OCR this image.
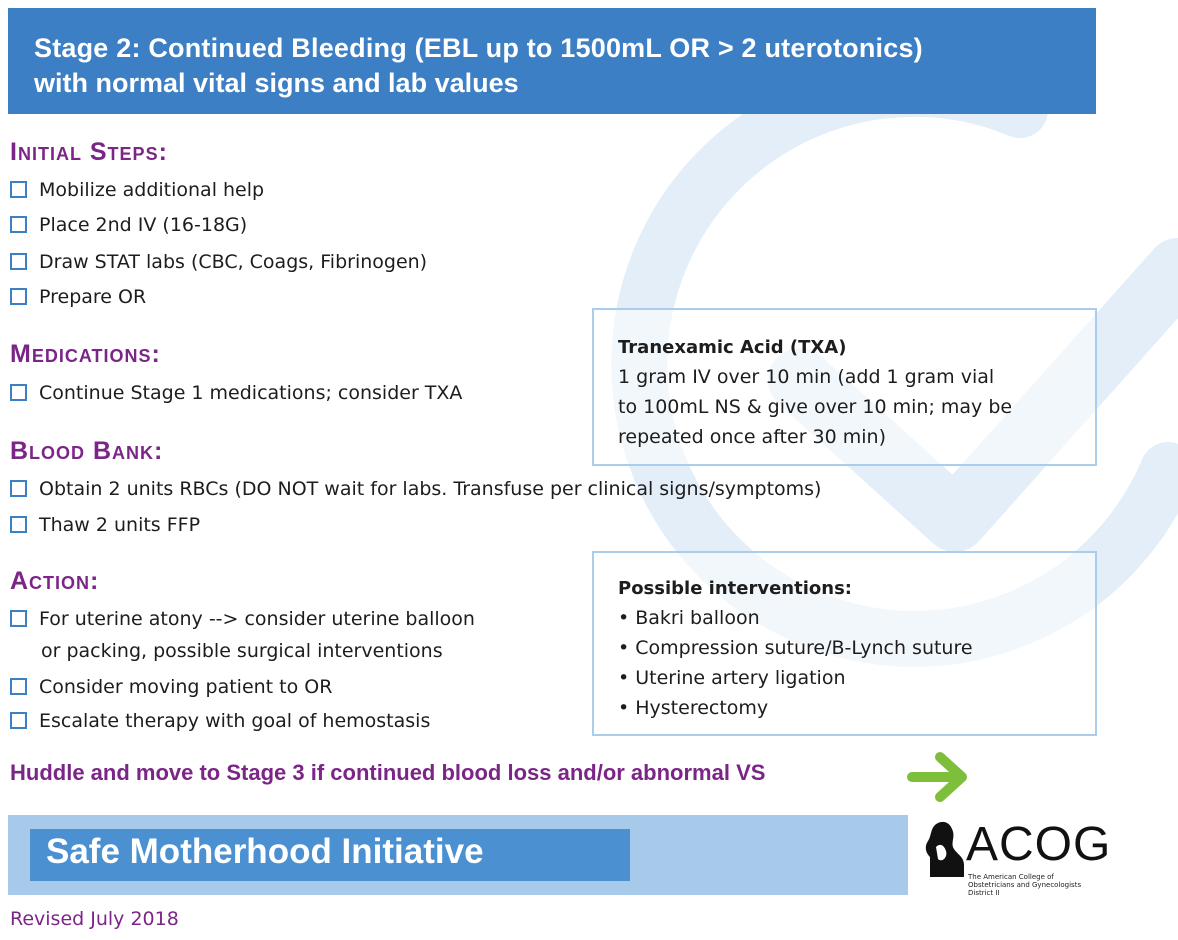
Stage 2: Continued Bleeding (EBL up to 1500mL OR > 2 uterotonics)
with normal vital signs and lab values
Initial Steps:
Mobilize additional help
Place 2nd IV (16-18G)
Draw STAT labs (CBC, Coags, Fibrinogen)
Prepare OR
Medications:
Continue Stage 1 medications; consider TXA
Tranexamic Acid (TXA)
1 gram IV over 10 min (add 1 gram vial
to 100mL NS & give over 10 min; may be
repeated once after 30 min)
Blood Bank:
Obtain 2 units RBCs (DO NOT wait for labs. Transfuse per clinical signs/symptoms)
Thaw 2 units FFP
Action:
For uterine atony --> consider uterine balloon
or packing, possible surgical interventions
Consider moving patient to OR
Escalate therapy with goal of hemostasis
Possible interventions:
• Bakri balloon
• Compression suture/B-Lynch suture
• Uterine artery ligation
• Hysterectomy
Huddle and move to Stage 3 if continued blood loss and/or abnormal VS
Safe Motherhood Initiative	ACOG
The American College of
Obstetricians and Gynecologists
District II
Revised July 2018
